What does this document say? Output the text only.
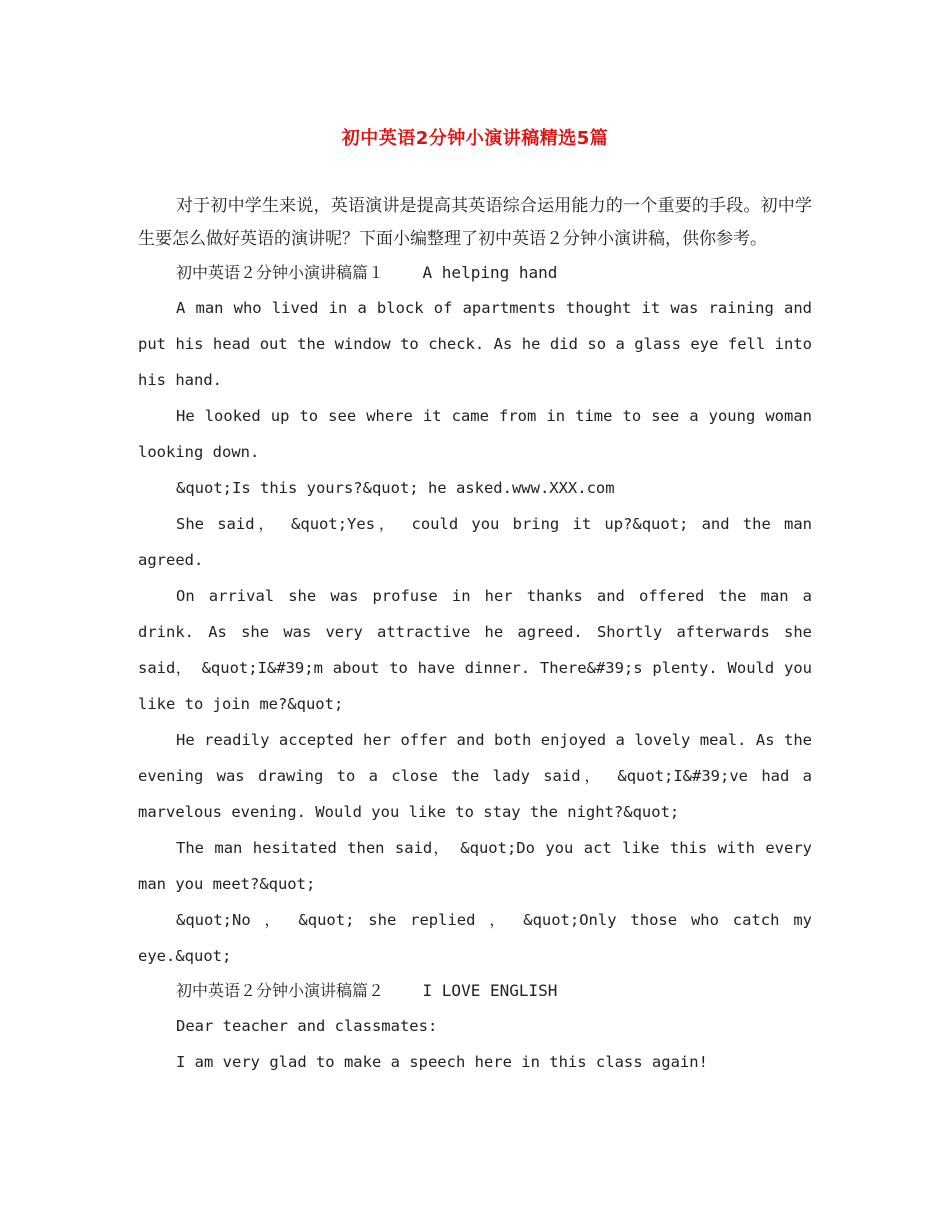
初中英语2分钟小演讲稿精选5篇

对于初中学生来说，英语演讲是提高其英语综合运用能力的一个重要的手段。初中学生要怎么做好英语的演讲呢？下面小编整理了初中英语２分钟小演讲稿，供你参考。

初中英语２分钟小演讲稿篇１    A helping hand

A man who lived in a block of apartments thought it was raining and put his head out the window to check. As he did so a glass eye fell into his hand.

He looked up to see where it came from in time to see a young woman looking down.

&quot;Is this yours?&quot; he asked.www.XXX.com

She said， &quot;Yes， could you bring it up?&quot; and the man agreed.

On arrival she was profuse in her thanks and offered the man a drink. As she was very attractive he agreed. Shortly afterwards she said， &quot;I&#39;m about to have dinner. There&#39;s plenty. Would you like to join me?&quot;

He readily accepted her offer and both enjoyed a lovely meal. As the evening was drawing to a close the lady said， &quot;I&#39;ve had a marvelous evening. Would you like to stay the night?&quot;

The man hesitated then said， &quot;Do you act like this with every man you meet?&quot;

&quot;No ， &quot; she replied ， &quot;Only those who catch my eye.&quot;

初中英语２分钟小演讲稿篇２    I LOVE ENGLISH

Dear teacher and classmates:

I am very glad to make a speech here in this class again!
